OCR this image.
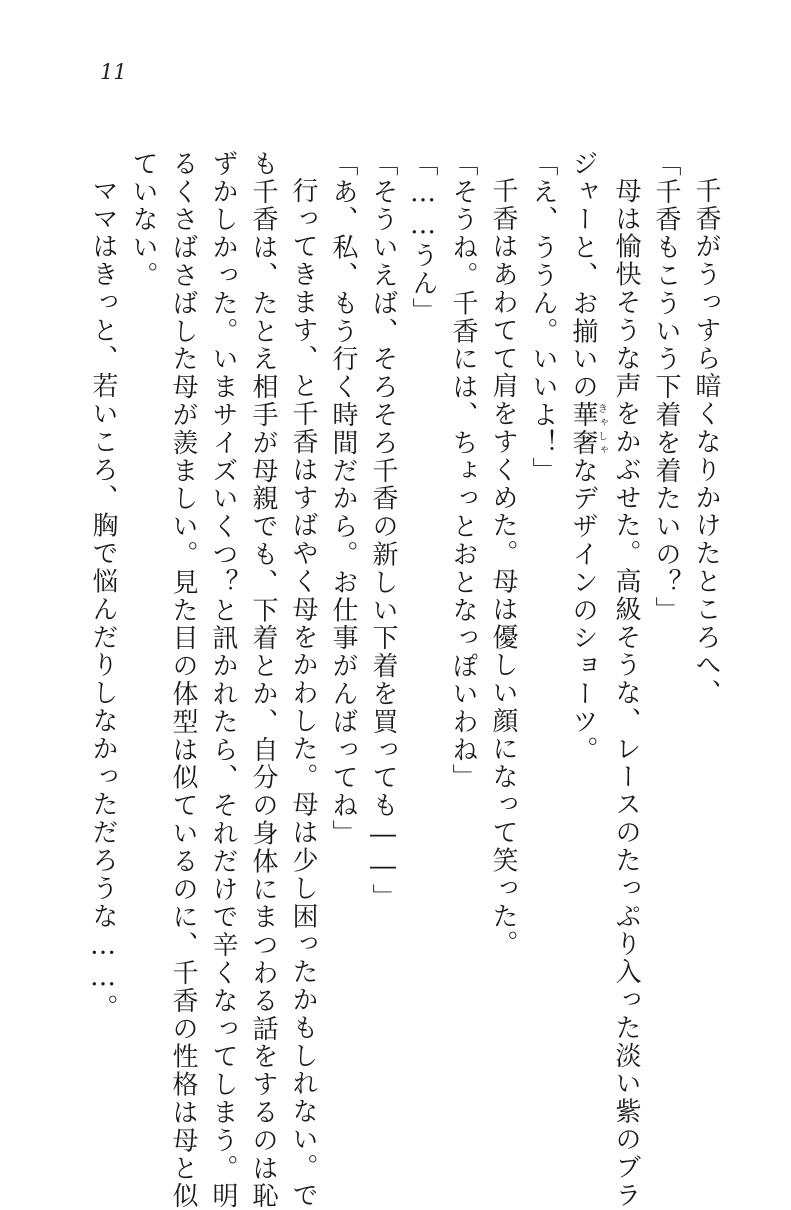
11
千香がうっすら暗くなりかけたところへ、
「千香もこういう下着を着たいの？」
母は愉快そうな声をかぶせた。高級そうな、レースのたっぷり入った淡い紫のブラ
ジャーと、お揃いの華奢きゃしゃなデザインのショーツ。
「え、ううん。いいよ！」
千香はあわてて肩をすくめた。母は優しい顔になって笑った。
「そうね。千香には、ちょっとおとなっぽいわね」
「……うん」
「そういえば、そろそろ千香の新しい下着を買っても――」
「あ、私、もう行く時間だから。お仕事がんばってね」
行ってきます、と千香はすばやく母をかわした。母は少し困ったかもしれない。で
も千香は、たとえ相手が母親でも、下着とか、自分の身体にまつわる話をするのは恥
ずかしかった。いまサイズいくつ？と訊かれたら、それだけで辛くなってしまう。明
るくさばさばした母が羨ましい。見た目の体型は似ているのに、千香の性格は母と似
ていない。
ママはきっと、若いころ、胸で悩んだりしなかっただろうな……。
